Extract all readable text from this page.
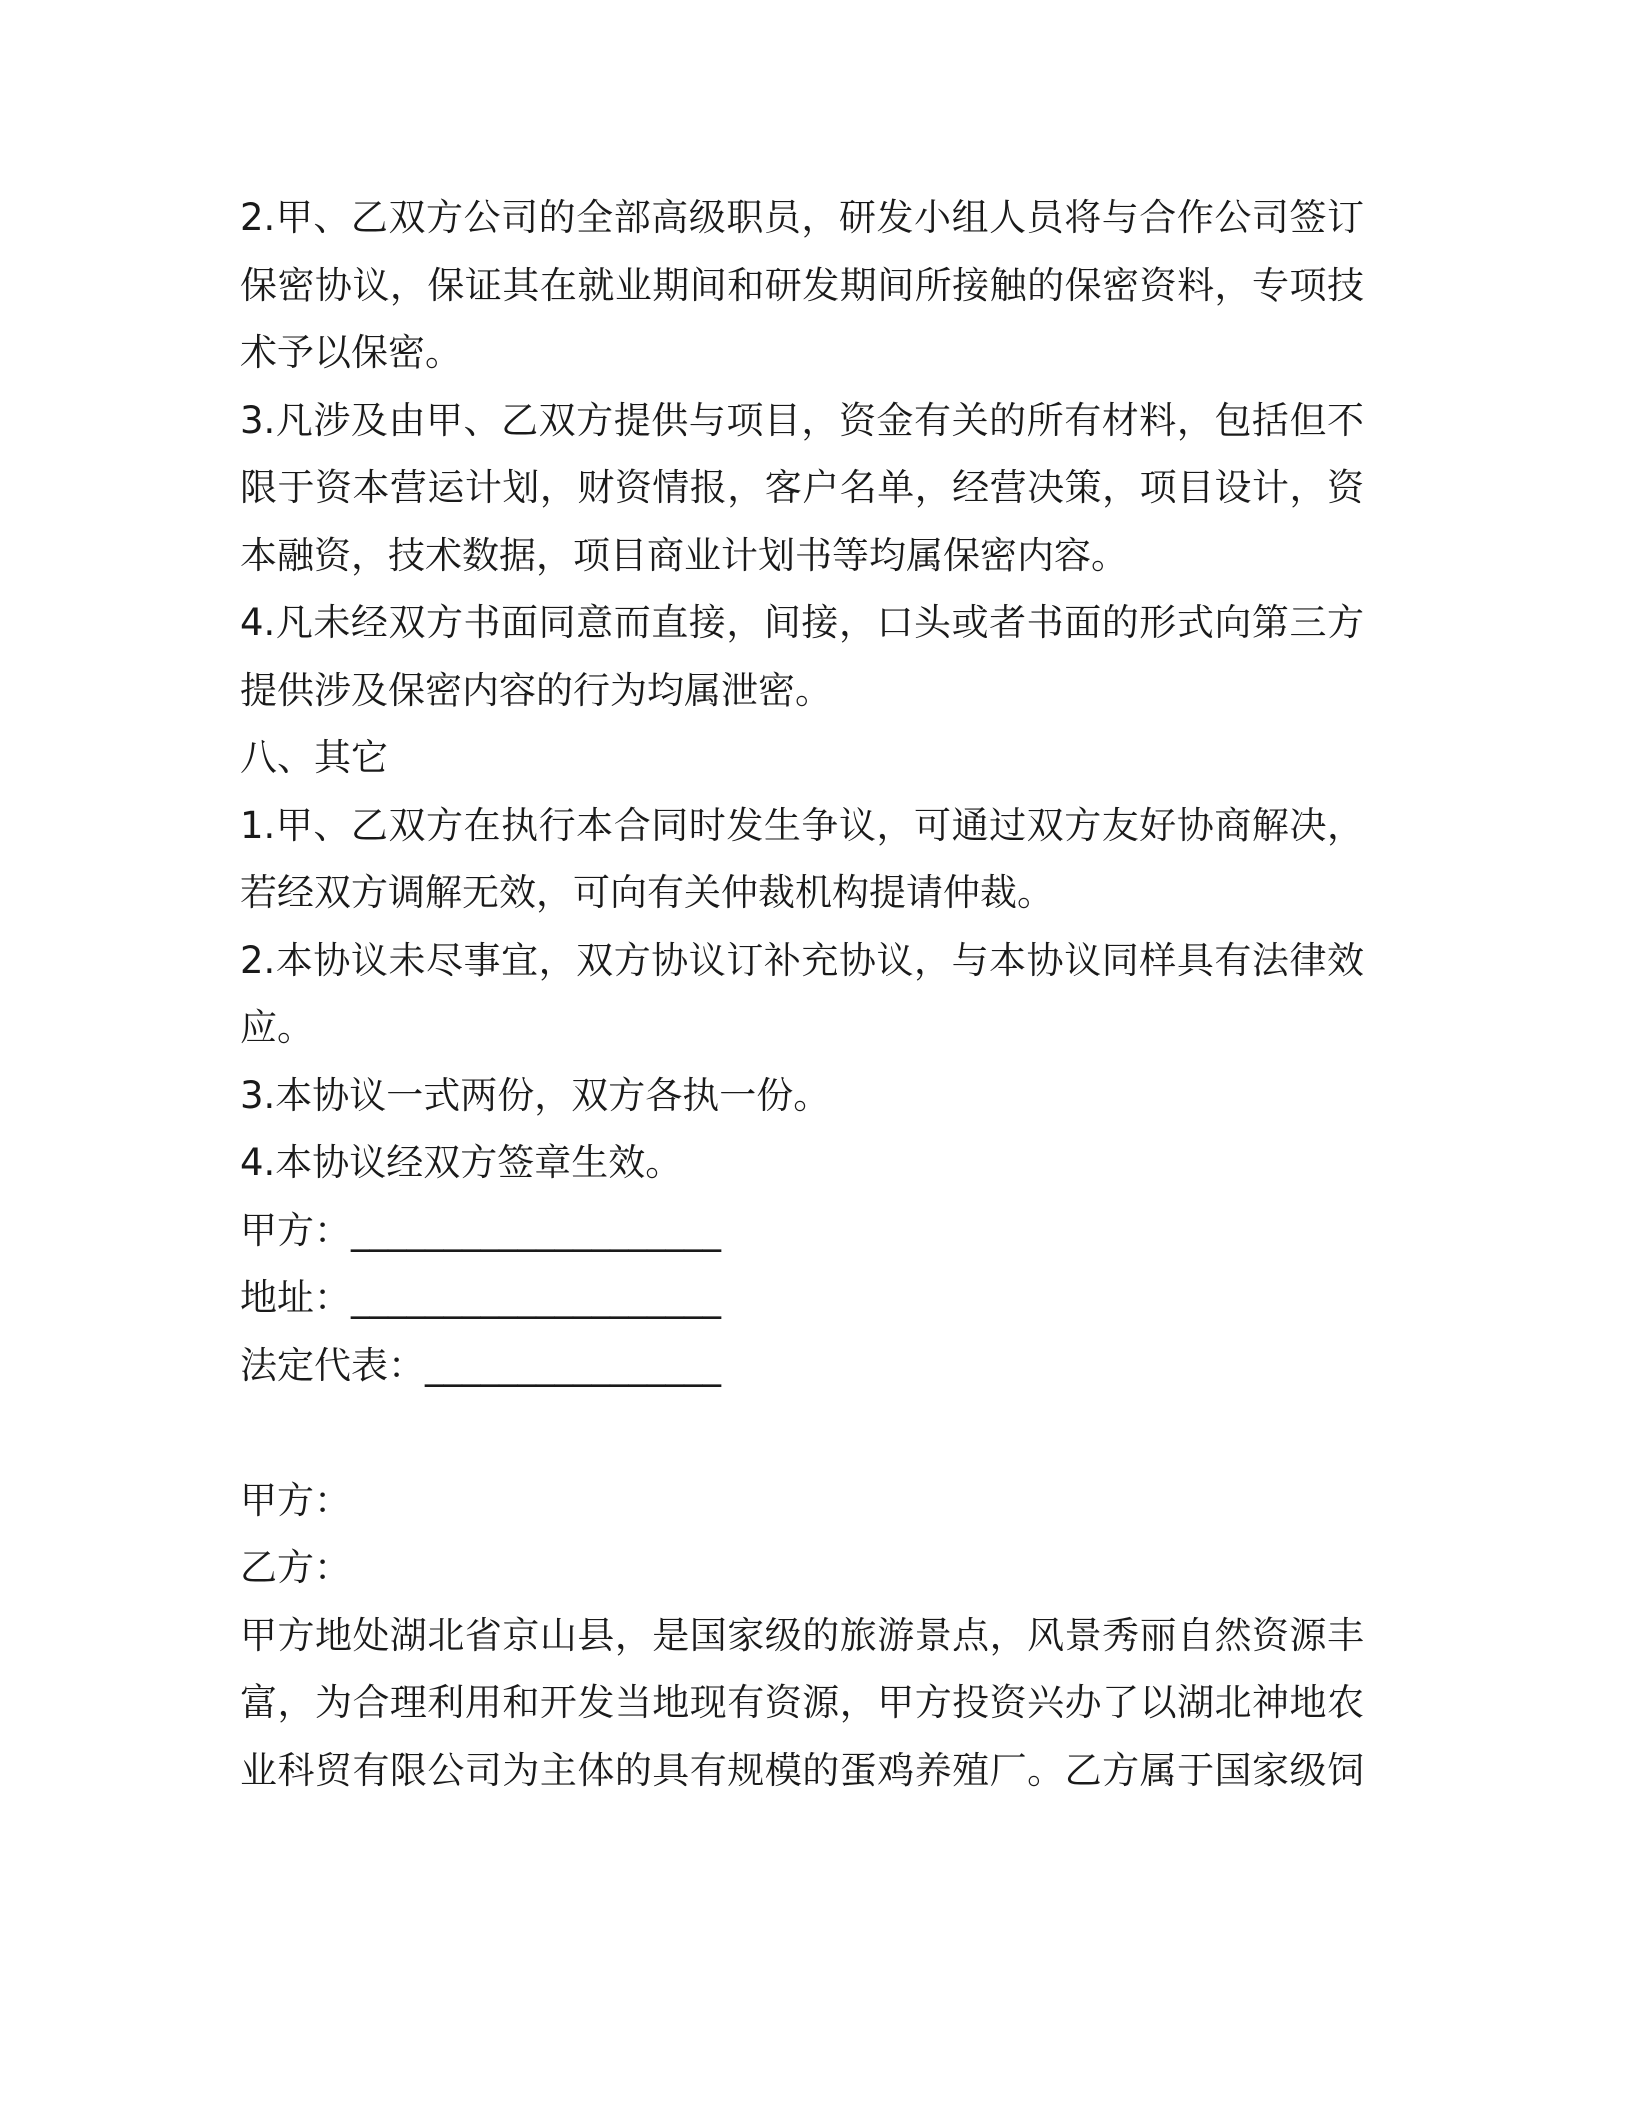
2.甲、乙双方公司的全部高级职员，研发小组人员将与合作公司签订
保密协议，保证其在就业期间和研发期间所接触的保密资料，专项技
术予以保密。
3.凡涉及由甲、乙双方提供与项目，资金有关的所有材料，包括但不
限于资本营运计划，财资情报，客户名单，经营决策，项目设计，资
本融资，技术数据，项目商业计划书等均属保密内容。
4.凡未经双方书面同意而直接，间接，口头或者书面的形式向第三方
提供涉及保密内容的行为均属泄密。
八、其它
1.甲、乙双方在执行本合同时发生争议，可通过双方友好协商解决，
若经双方调解无效，可向有关仲裁机构提请仲裁。
2.本协议未尽事宜，双方协议订补充协议，与本协议同样具有法律效
应。
3.本协议一式两份，双方各执一份。
4.本协议经双方签章生效。
甲方：____________________
地址：____________________
法定代表：________________
甲方：
乙方：
甲方地处湖北省京山县，是国家级的旅游景点，风景秀丽自然资源丰
富，为合理利用和开发当地现有资源，甲方投资兴办了以湖北神地农
业科贸有限公司为主体的具有规模的蛋鸡养殖厂。乙方属于国家级饲
